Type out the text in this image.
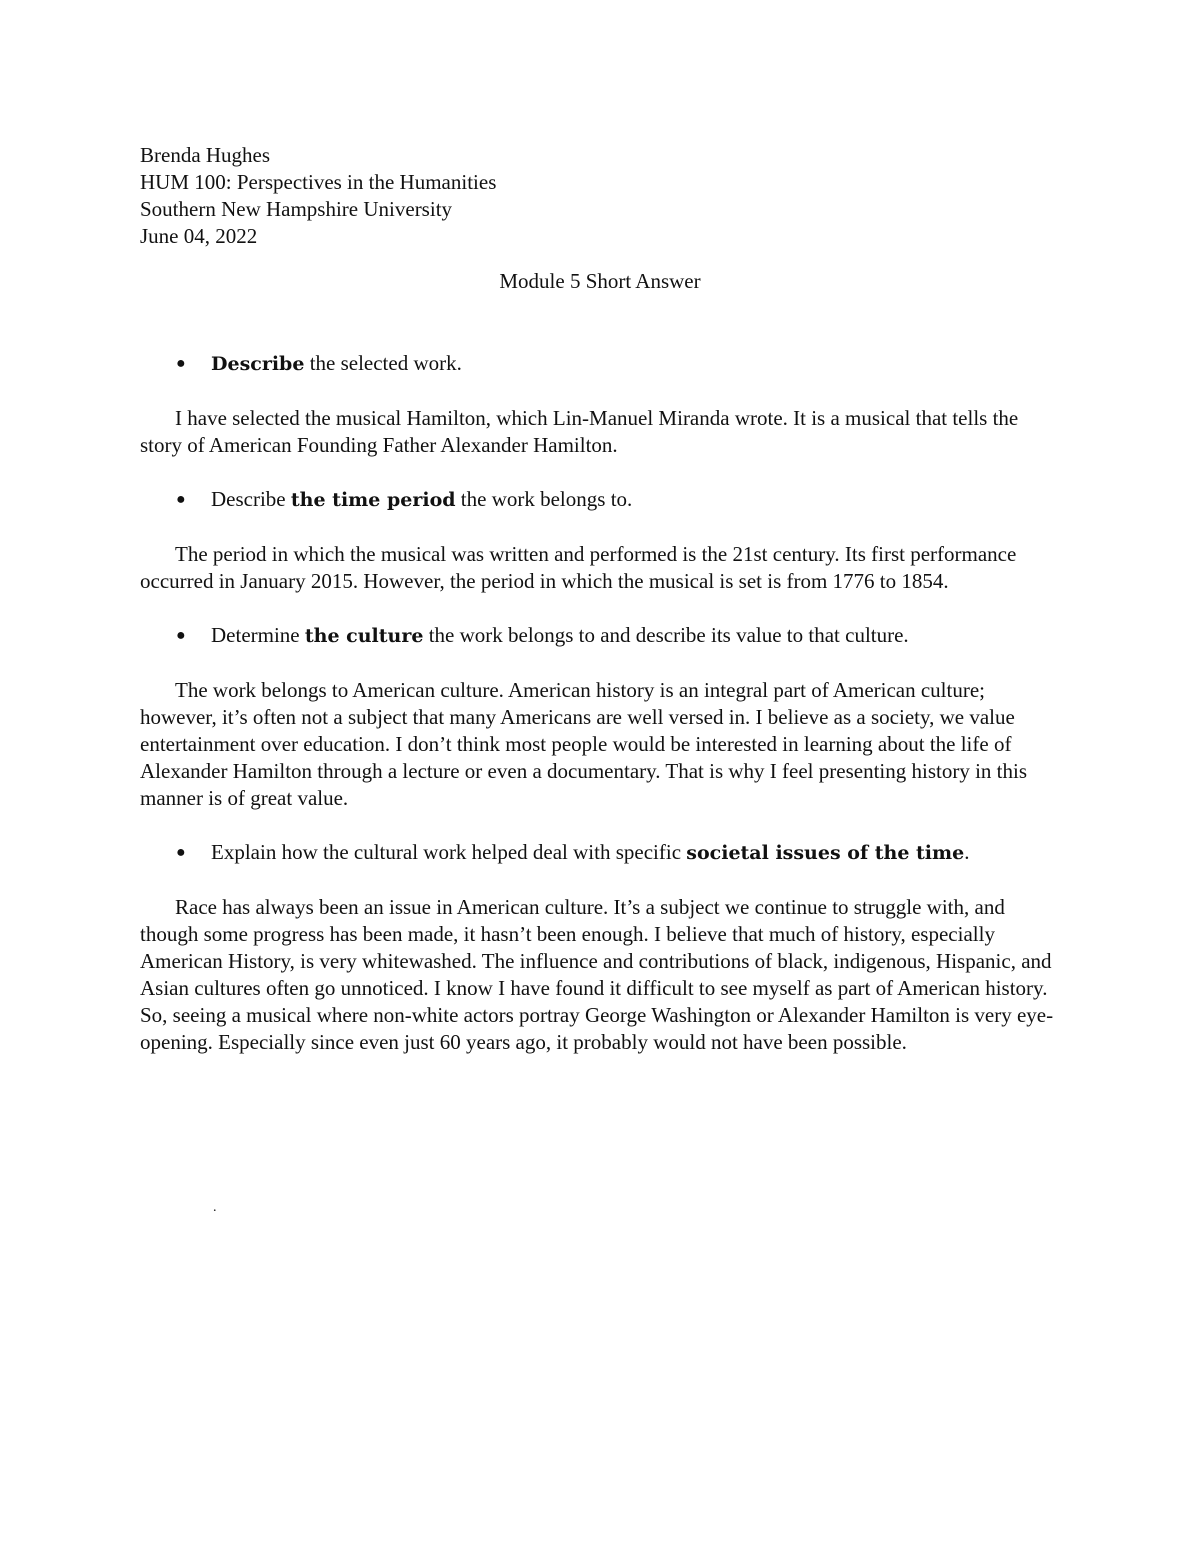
Brenda Hughes
HUM 100: Perspectives in the Humanities
Southern New Hampshire University
June 04, 2022
Module 5 Short Answer
● Describe the selected work.

I have selected the musical Hamilton, which Lin-Manuel Miranda wrote. It is a musical that tells the story of American Founding Father Alexander Hamilton.

● Describe the time period the work belongs to.

The period in which the musical was written and performed is the 21st century. Its first performance occurred in January 2015. However, the period in which the musical is set is from 1776 to 1854.

● Determine the culture the work belongs to and describe its value to that culture.

The work belongs to American culture. American history is an integral part of American culture; however, it’s often not a subject that many Americans are well versed in. I believe as a society, we value entertainment over education. I don’t think most people would be interested in learning about the life of Alexander Hamilton through a lecture or even a documentary. That is why I feel presenting history in this manner is of great value.

● Explain how the cultural work helped deal with specific societal issues of the time.

Race has always been an issue in American culture. It’s a subject we continue to struggle with, and though some progress has been made, it hasn’t been enough. I believe that much of history, especially American History, is very whitewashed. The influence and contributions of black, indigenous, Hispanic, and Asian cultures often go unnoticed. I know I have found it difficult to see myself as part of American history. So, seeing a musical where non-white actors portray George Washington or Alexander Hamilton is very eye-opening. Especially since even just 60 years ago, it probably would not have been possible.

.
